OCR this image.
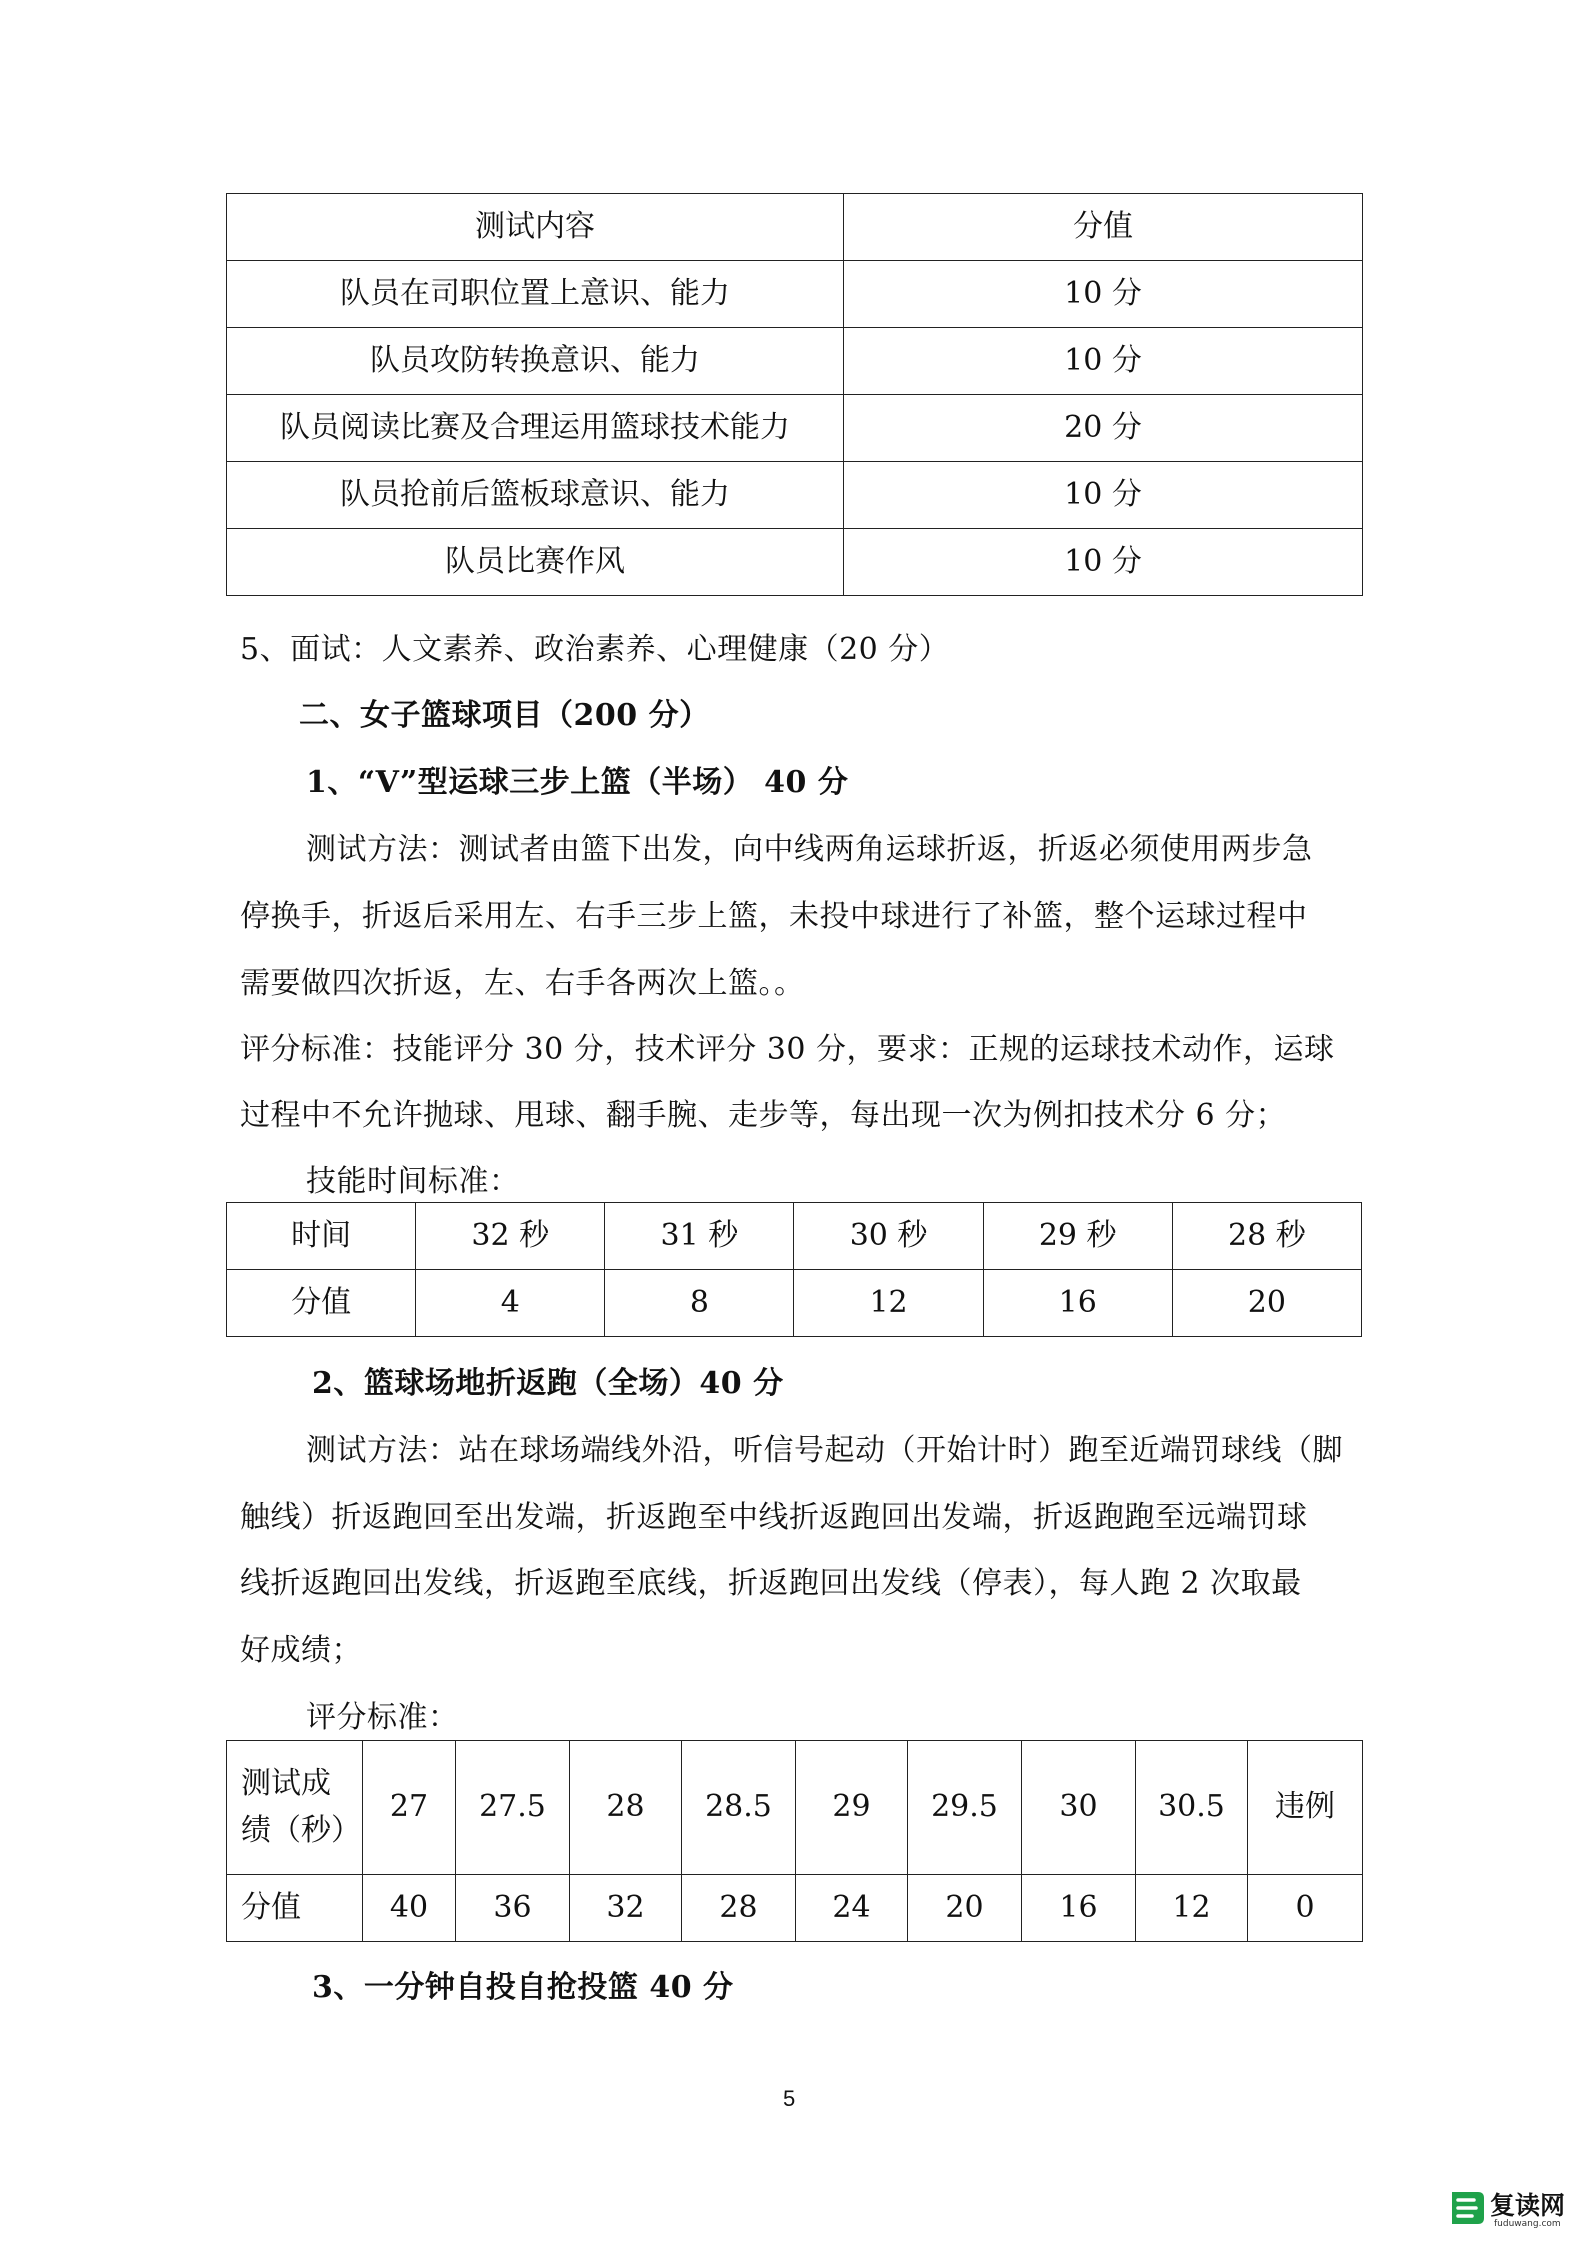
测试内容	分值
队员在司职位置上意识、能力	10 分
队员攻防转换意识、能力	10 分
队员阅读比赛及合理运用篮球技术能力	20 分
队员抢前后篮板球意识、能力	10 分
队员比赛作风	10 分
5、面试：人文素养、政治素养、心理健康（20 分）
二、女子篮球项目（200 分）
1、“V”型运球三步上篮（半场） 40 分
测试方法：测试者由篮下出发，向中线两角运球折返，折返必须使用两步急
停换手，折返后采用左、右手三步上篮，未投中球进行了补篮，整个运球过程中
需要做四次折返，左、右手各两次上篮。。
评分标准：技能评分 30 分，技术评分 30 分，要求：正规的运球技术动作，运球
过程中不允许抛球、甩球、翻手腕、走步等，每出现一次为例扣技术分 6 分；
技能时间标准：
时间	32 秒	31 秒	30 秒	29 秒	28 秒
分值	4	8	12	16	20
2、篮球场地折返跑（全场）40 分
测试方法：站在球场端线外沿，听信号起动（开始计时）跑至近端罚球线（脚
触线）折返跑回至出发端，折返跑至中线折返跑回出发端，折返跑跑至远端罚球
线折返跑回出发线，折返跑至底线，折返跑回出发线（停表），每人跑 2 次取最
好成绩；
评分标准：
测试成
绩（秒）	27	27.5	28	28.5	29	29.5	30	30.5	违例
分值	40	36	32	28	24	20	16	12	0
3、一分钟自投自抢投篮 40 分
5
复读网
fuduwang.com
